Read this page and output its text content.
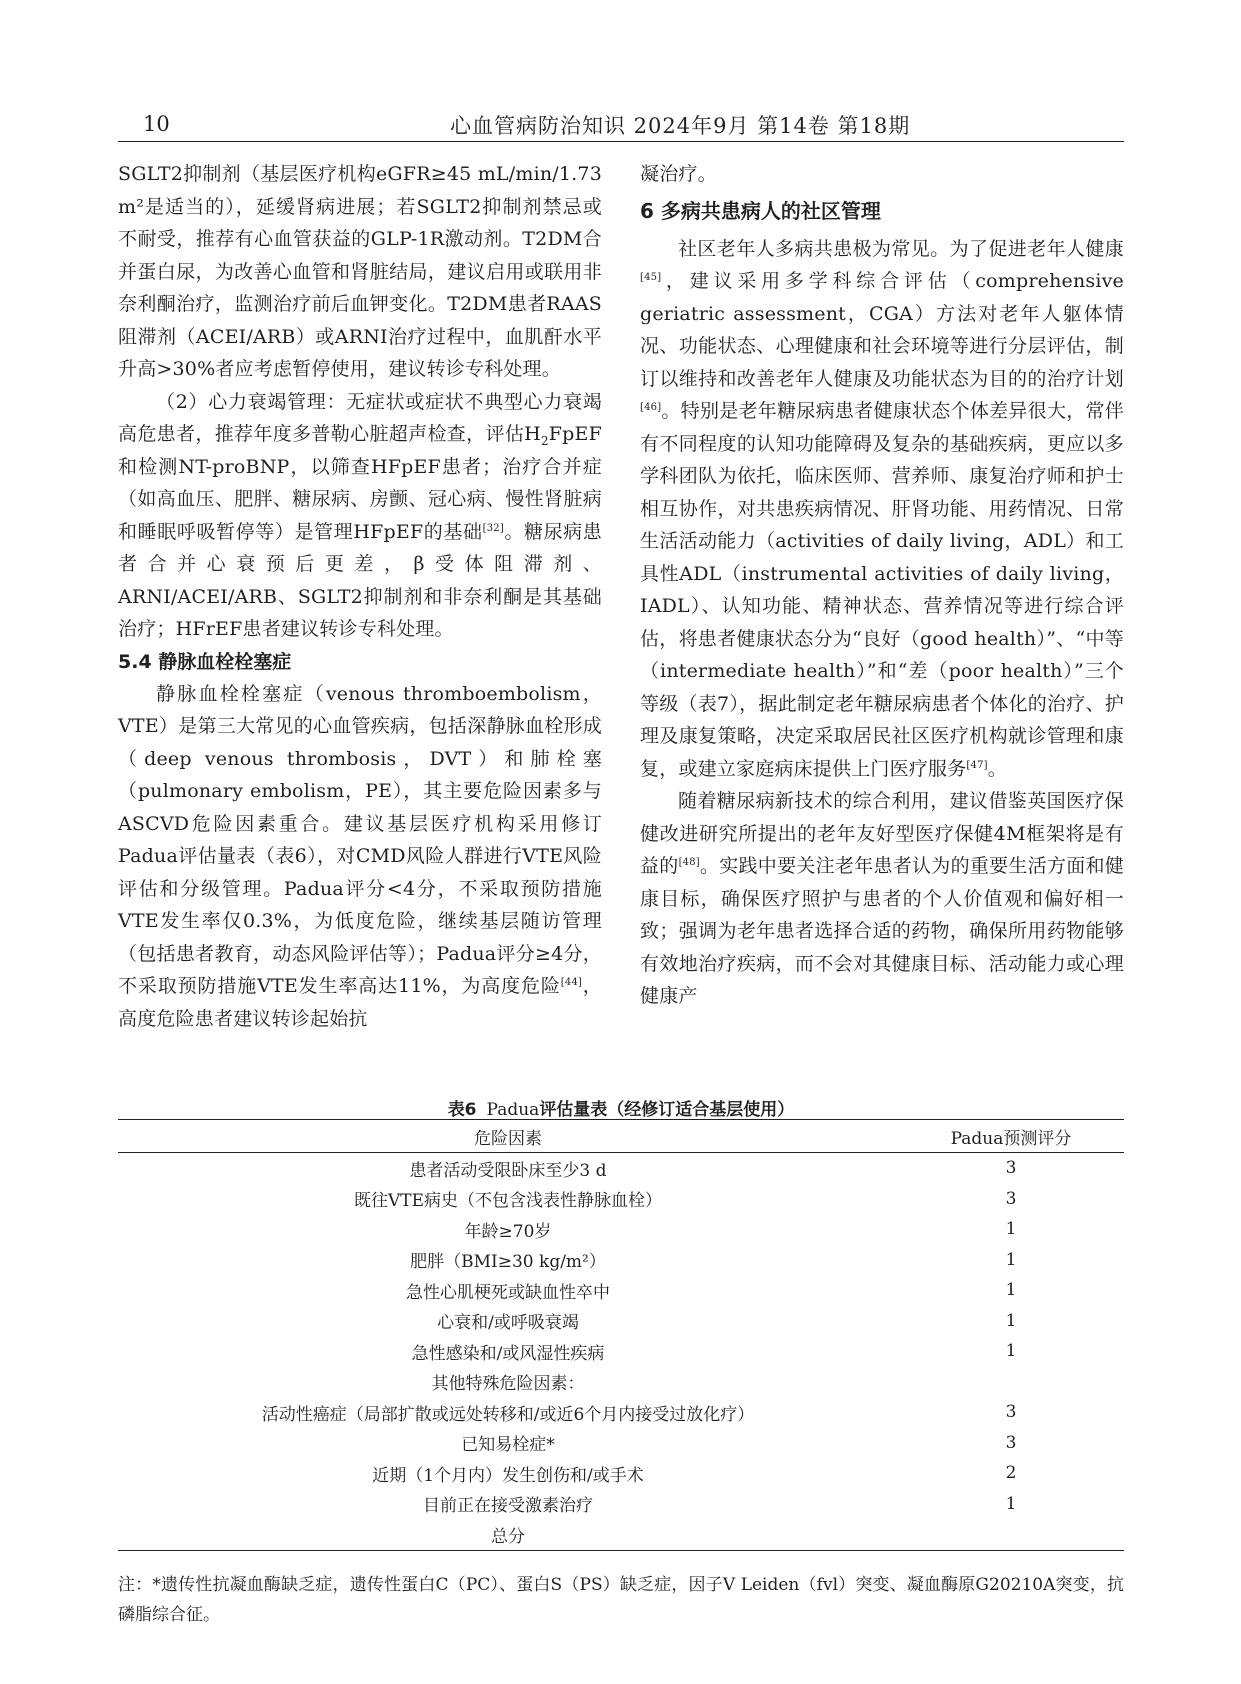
10	心血管病防治知识 2024年9月 第14卷 第18期

SGLT2抑制剂（基层医疗机构eGFR≥45 mL/min/1.73 m²是适当的），延缓肾病进展；若SGLT2抑制剂禁忌或不耐受，推荐有心血管获益的GLP-1R激动剂。T2DM合并蛋白尿，为改善心血管和肾脏结局，建议启用或联用非奈利酮治疗，监测治疗前后血钾变化。T2DM患者RAAS阻滞剂（ACEI/ARB）或ARNI治疗过程中，血肌酐水平升高>30%者应考虑暂停使用，建议转诊专科处理。

（2）心力衰竭管理：无症状或症状不典型心力衰竭高危患者，推荐年度多普勒心脏超声检查，评估$H_2FpEF$和检测NT-proBNP，以筛查HFpEF患者；治疗合并症（如高血压、肥胖、糖尿病、房颤、冠心病、慢性肾脏病和睡眠呼吸暂停等）是管理HFpEF的基础[32]。糖尿病患者合并心衰预后更差，β受体阻滞剂、ARNI/ACEI/ARB、SGLT2抑制剂和非奈利酮是其基础治疗；HFrEF患者建议转诊专科处理。

5.4 静脉血栓栓塞症

静脉血栓栓塞症（venous thromboembolism，VTE）是第三大常见的心血管疾病，包括深静脉血栓形成（deep venous thrombosis，DVT）和肺栓塞（pulmonary embolism，PE），其主要危险因素多与ASCVD危险因素重合。建议基层医疗机构采用修订Padua评估量表（表6），对CMD风险人群进行VTE风险评估和分级管理。Padua评分<4分，不采取预防措施VTE发生率仅0.3%，为低度危险，继续基层随访管理（包括患者教育，动态风险评估等）；Padua评分≥4分，不采取预防措施VTE发生率高达11%，为高度危险[44]，高度危险患者建议转诊起始抗

凝治疗。

6 多病共患病人的社区管理

社区老年人多病共患极为常见。为了促进老年人健康[45]，建议采用多学科综合评估（comprehensive geriatric assessment，CGA）方法对老年人躯体情况、功能状态、心理健康和社会环境等进行分层评估，制订以维持和改善老年人健康及功能状态为目的的治疗计划[46]。特别是老年糖尿病患者健康状态个体差异很大，常伴有不同程度的认知功能障碍及复杂的基础疾病，更应以多学科团队为依托，临床医师、营养师、康复治疗师和护士相互协作，对共患疾病情况、肝肾功能、用药情况、日常生活活动能力（activities of daily living，ADL）和工具性ADL（instrumental activities of daily living，IADL）、认知功能、精神状态、营养情况等进行综合评估，将患者健康状态分为“良好（good health）”、“中等（intermediate health）”和“差（poor health）”三个等级（表7），据此制定老年糖尿病患者个体化的治疗、护理及康复策略，决定采取居民社区医疗机构就诊管理和康复，或建立家庭病床提供上门医疗服务[47]。

随着糖尿病新技术的综合利用，建议借鉴英国医疗保健改进研究所提出的老年友好型医疗保健4M框架将是有益的[48]。实践中要关注老年患者认为的重要生活方面和健康目标，确保医疗照护与患者的个人价值观和偏好相一致；强调为老年患者选择合适的药物，确保所用药物能够有效地治疗疾病，而不会对其健康目标、活动能力或心理健康产

表6 Padua评估量表（经修订适合基层使用）
危险因素	Padua预测评分
患者活动受限卧床至少3 d	3
既往VTE病史（不包含浅表性静脉血栓）	3
年龄≥70岁	1
肥胖（BMI≥30 kg/m²）	1
急性心肌梗死或缺血性卒中	1
心衰和/或呼吸衰竭	1
急性感染和/或风湿性疾病	1
其他特殊危险因素：	
活动性癌症（局部扩散或远处转移和/或近6个月内接受过放化疗）	3
已知易栓症*	3
近期（1个月内）发生创伤和/或手术	2
目前正在接受激素治疗	1
总分	

注：*遗传性抗凝血酶缺乏症，遗传性蛋白C（PC）、蛋白S（PS）缺乏症，因子V Leiden（fvl）突变、凝血酶原G20210A突变，抗磷脂综合征。
